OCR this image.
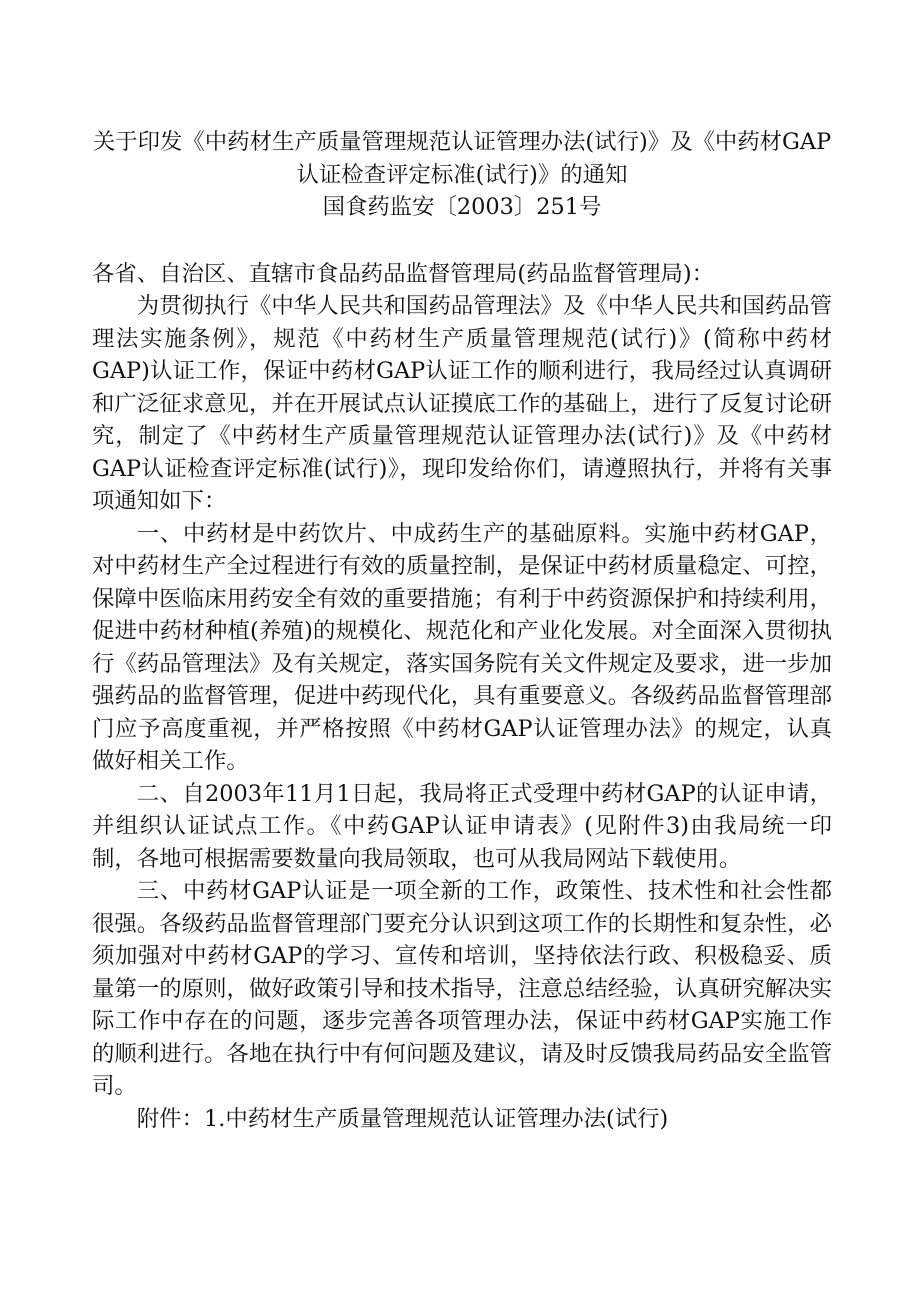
关于印发《中药材生产质量管理规范认证管理办法(试行)》及《中药材GAP认证检查评定标准(试行)》的通知
国食药监安〔2003〕251号

各省、自治区、直辖市食品药品监督管理局(药品监督管理局)：

为贯彻执行《中华人民共和国药品管理法》及《中华人民共和国药品管理法实施条例》，规范《中药材生产质量管理规范(试行)》(简称中药材GAP)认证工作，保证中药材GAP认证工作的顺利进行，我局经过认真调研和广泛征求意见，并在开展试点认证摸底工作的基础上，进行了反复讨论研究，制定了《中药材生产质量管理规范认证管理办法(试行)》及《中药材GAP认证检查评定标准(试行)》，现印发给你们，请遵照执行，并将有关事项通知如下：

一、中药材是中药饮片、中成药生产的基础原料。实施中药材GAP，对中药材生产全过程进行有效的质量控制，是保证中药材质量稳定、可控，保障中医临床用药安全有效的重要措施；有利于中药资源保护和持续利用，促进中药材种植(养殖)的规模化、规范化和产业化发展。对全面深入贯彻执行《药品管理法》及有关规定，落实国务院有关文件规定及要求，进一步加强药品的监督管理，促进中药现代化，具有重要意义。各级药品监督管理部门应予高度重视，并严格按照《中药材GAP认证管理办法》的规定，认真做好相关工作。

二、自2003年11月1日起，我局将正式受理中药材GAP的认证申请，并组织认证试点工作。《中药GAP认证申请表》(见附件3)由我局统一印制，各地可根据需要数量向我局领取，也可从我局网站下载使用。

三、中药材GAP认证是一项全新的工作，政策性、技术性和社会性都很强。各级药品监督管理部门要充分认识到这项工作的长期性和复杂性，必须加强对中药材GAP的学习、宣传和培训，坚持依法行政、积极稳妥、质量第一的原则，做好政策引导和技术指导，注意总结经验，认真研究解决实际工作中存在的问题，逐步完善各项管理办法，保证中药材GAP实施工作的顺利进行。各地在执行中有何问题及建议，请及时反馈我局药品安全监管司。

附件：1.中药材生产质量管理规范认证管理办法(试行)
